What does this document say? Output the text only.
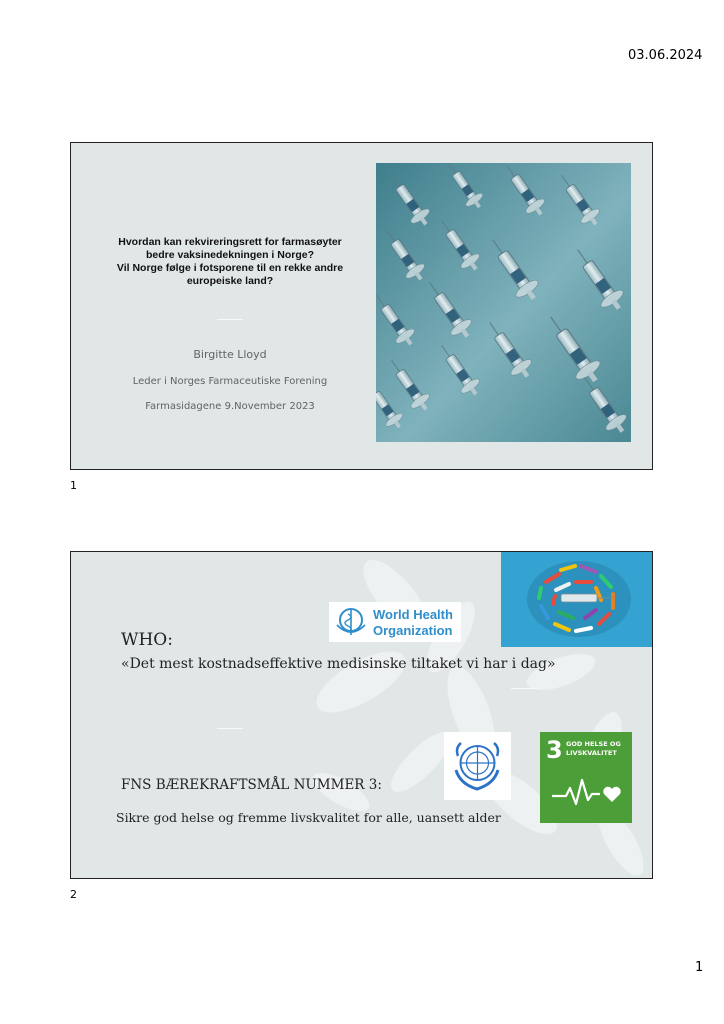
03.06.2024
Hvordan kan rekvireringsrett for farmasøyter
bedre vaksinedekningen i Norge?
Vil Norge følge i fotsporene til en rekke andre
europeiske land?
Birgitte Lloyd
Leder i Norges Farmaceutiske Forening
Farmasidagene 9.November 2023
1
World Health
Organization
WHO:
«Det mest kostnadseffektive medisinske tiltaket vi har i dag»
3 GOD HELSE OG
LIVSKVALITET
FNS BÆREKRAFTSMÅL NUMMER 3:
Sikre god helse og fremme livskvalitet for alle, uansett alder
2
1
